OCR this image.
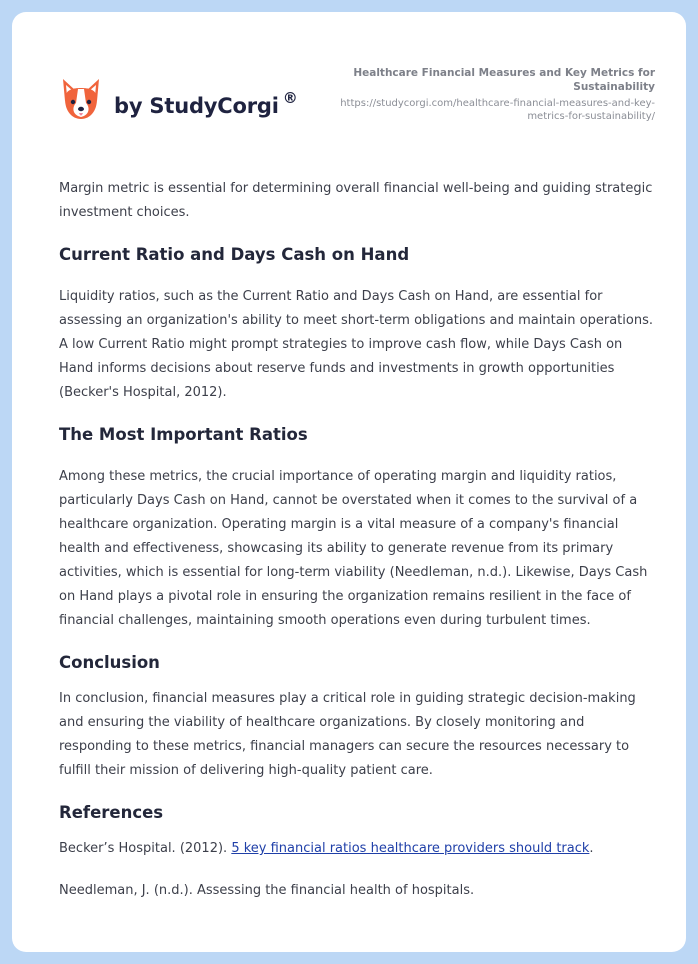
by StudyCorgi ®
Healthcare Financial Measures and Key Metrics for Sustainability
https://studycorgi.com/healthcare-financial-measures-and-key-metrics-for-sustainability/

Margin metric is essential for determining overall financial well-being and guiding strategic investment choices.

Current Ratio and Days Cash on Hand

Liquidity ratios, such as the Current Ratio and Days Cash on Hand, are essential for assessing an organization's ability to meet short-term obligations and maintain operations. A low Current Ratio might prompt strategies to improve cash flow, while Days Cash on Hand informs decisions about reserve funds and investments in growth opportunities (Becker's Hospital, 2012).

The Most Important Ratios

Among these metrics, the crucial importance of operating margin and liquidity ratios, particularly Days Cash on Hand, cannot be overstated when it comes to the survival of a healthcare organization. Operating margin is a vital measure of a company's financial health and effectiveness, showcasing its ability to generate revenue from its primary activities, which is essential for long-term viability (Needleman, n.d.). Likewise, Days Cash on Hand plays a pivotal role in ensuring the organization remains resilient in the face of financial challenges, maintaining smooth operations even during turbulent times.

Conclusion

In conclusion, financial measures play a critical role in guiding strategic decision-making and ensuring the viability of healthcare organizations. By closely monitoring and responding to these metrics, financial managers can secure the resources necessary to fulfill their mission of delivering high-quality patient care.

References

Becker’s Hospital. (2012). 5 key financial ratios healthcare providers should track.

Needleman, J. (n.d.). Assessing the financial health of hospitals.
